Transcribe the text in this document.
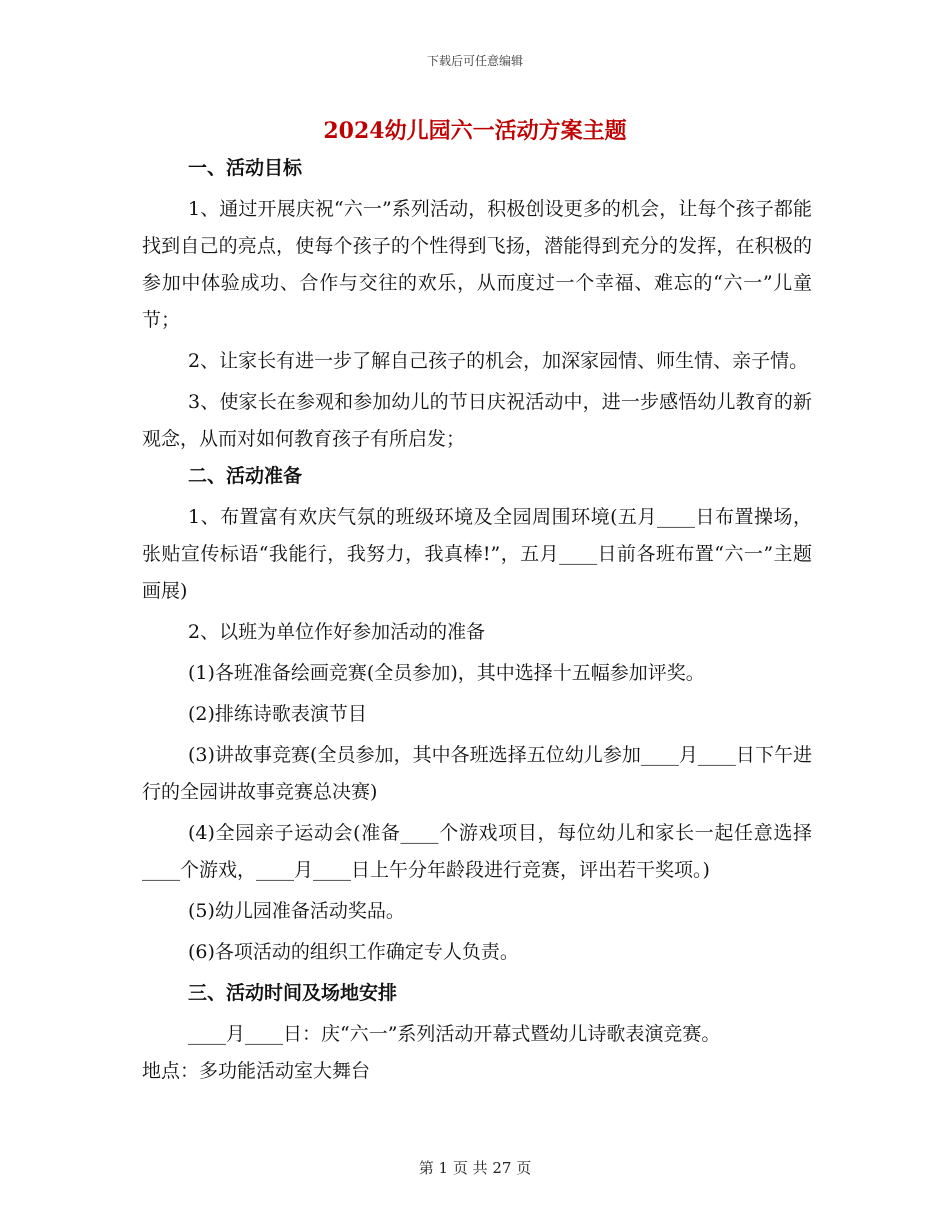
下载后可任意编辑
2024幼儿园六一活动方案主题
一、活动目标
1、通过开展庆祝“六一”系列活动，积极创设更多的机会，让每个孩子都能找到自己的亮点，使每个孩子的个性得到飞扬，潜能得到充分的发挥，在积极的参加中体验成功、合作与交往的欢乐，从而度过一个幸福、难忘的“六一”儿童节；
2、让家长有进一步了解自己孩子的机会，加深家园情、师生情、亲子情。
3、使家长在参观和参加幼儿的节日庆祝活动中，进一步感悟幼儿教育的新观念，从而对如何教育孩子有所启发；
二、活动准备
1、布置富有欢庆气氛的班级环境及全园周围环境(五月____日布置操场，张贴宣传标语“我能行，我努力，我真棒!”，五月____日前各班布置“六一”主题画展)
2、以班为单位作好参加活动的准备
(1)各班准备绘画竞赛(全员参加)，其中选择十五幅参加评奖。
(2)排练诗歌表演节目
(3)讲故事竞赛(全员参加，其中各班选择五位幼儿参加____月____日下午进行的全园讲故事竞赛总决赛)
(4)全园亲子运动会(准备____个游戏项目，每位幼儿和家长一起任意选择____个游戏，____月____日上午分年龄段进行竞赛，评出若干奖项。)
(5)幼儿园准备活动奖品。
(6)各项活动的组织工作确定专人负责。
三、活动时间及场地安排
____月____日：庆“六一”系列活动开幕式暨幼儿诗歌表演竞赛。
地点：多功能活动室大舞台
第 1 页 共 27 页
